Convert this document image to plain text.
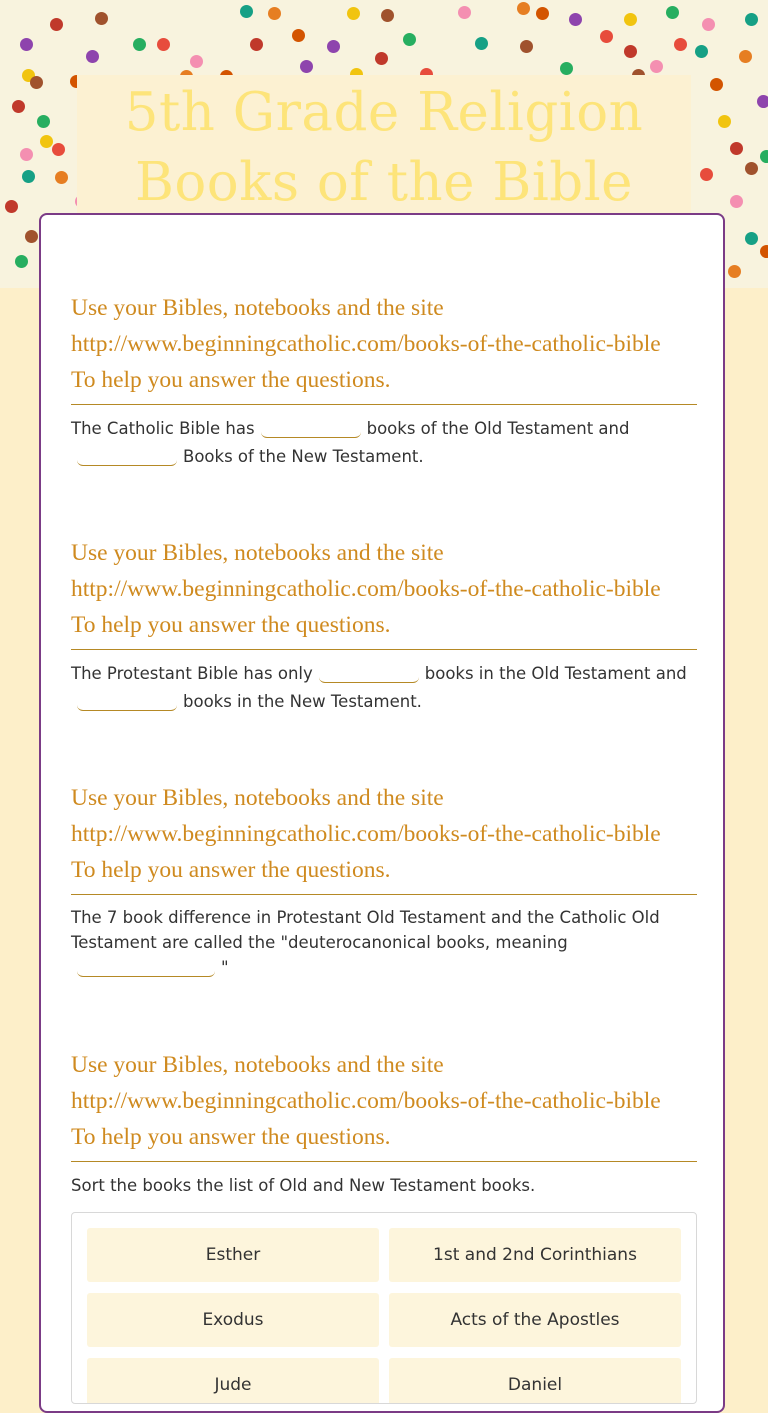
5th Grade Religion
Books of the Bible
Use your Bibles, notebooks and the site
http://www.beginningcatholic.com/books-of-the-catholic-bible
To help you answer the questions.
The Catholic Bible has	books of the Old Testament and
Books of the New Testament.
Use your Bibles, notebooks and the site
http://www.beginningcatholic.com/books-of-the-catholic-bible
To help you answer the questions.
The Protestant Bible has only	books in the Old Testament and
books in the New Testament.
Use your Bibles, notebooks and the site
http://www.beginningcatholic.com/books-of-the-catholic-bible
To help you answer the questions.
The 7 book difference in Protestant Old Testament and the Catholic Old Testament are called the "deuterocanonical books, meaning
"
Use your Bibles, notebooks and the site
http://www.beginningcatholic.com/books-of-the-catholic-bible
To help you answer the questions.
Sort the books the list of Old and New Testament books.
Esther	1st and 2nd Corinthians
Exodus	Acts of the Apostles
Jude	Daniel
